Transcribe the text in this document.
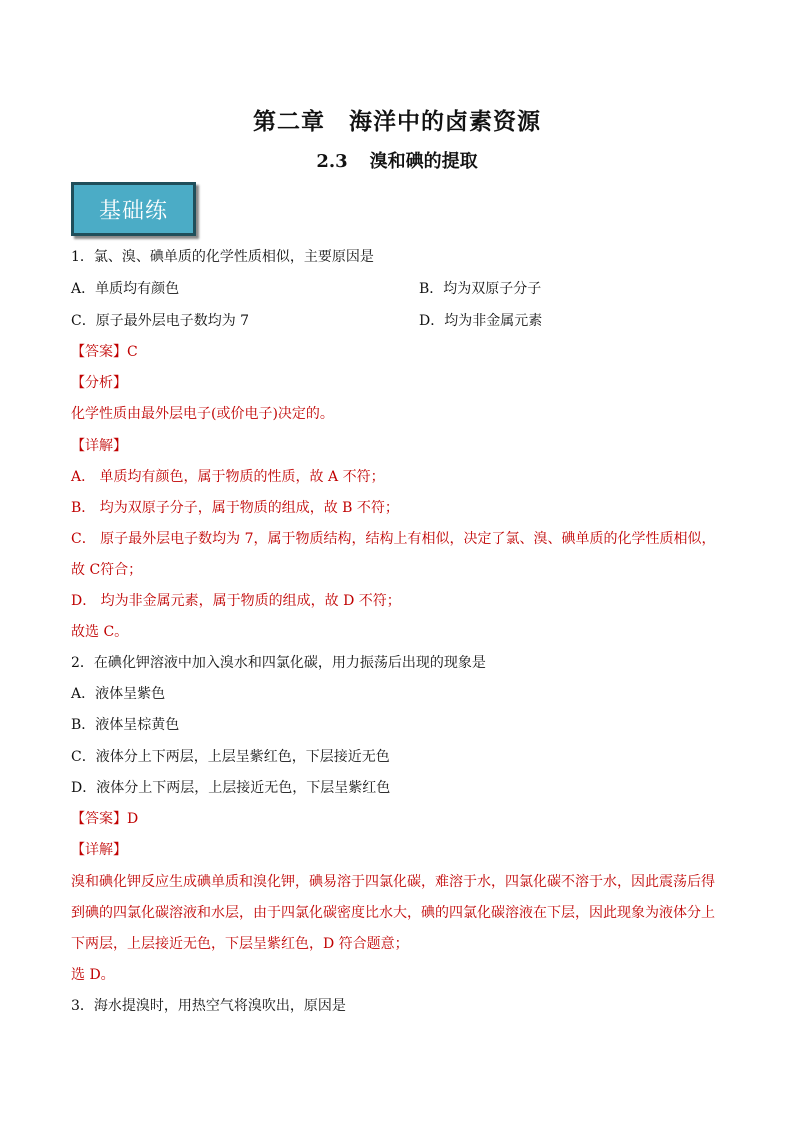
第二章 海洋中的卤素资源
2.3 溴和碘的提取
基础练
1．氯、溴、碘单质的化学性质相似，主要原因是
A．单质均有颜色	B．均为双原子分子
C．原子最外层电子数均为 7	D．均为非金属元素
【答案】C
【分析】
化学性质由最外层电子(或价电子)决定的。
【详解】
A． 单质均有颜色，属于物质的性质，故 A 不符；
B． 均为双原子分子，属于物质的组成，故 B 不符；
C． 原子最外层电子数均为 7，属于物质结构，结构上有相似，决定了氯、溴、碘单质的化学性质相似，
故 C符合；
D． 均为非金属元素，属于物质的组成，故 D 不符；
故选 C。
2．在碘化钾溶液中加入溴水和四氯化碳，用力振荡后出现的现象是
A．液体呈紫色
B．液体呈棕黄色
C．液体分上下两层，上层呈紫红色，下层接近无色
D．液体分上下两层，上层接近无色，下层呈紫红色
【答案】D
【详解】
溴和碘化钾反应生成碘单质和溴化钾，碘易溶于四氯化碳，难溶于水，四氯化碳不溶于水，因此震荡后得
到碘的四氯化碳溶液和水层，由于四氯化碳密度比水大，碘的四氯化碳溶液在下层，因此现象为液体分上
下两层，上层接近无色，下层呈紫红色，D 符合题意；
选 D。
3．海水提溴时，用热空气将溴吹出，原因是
